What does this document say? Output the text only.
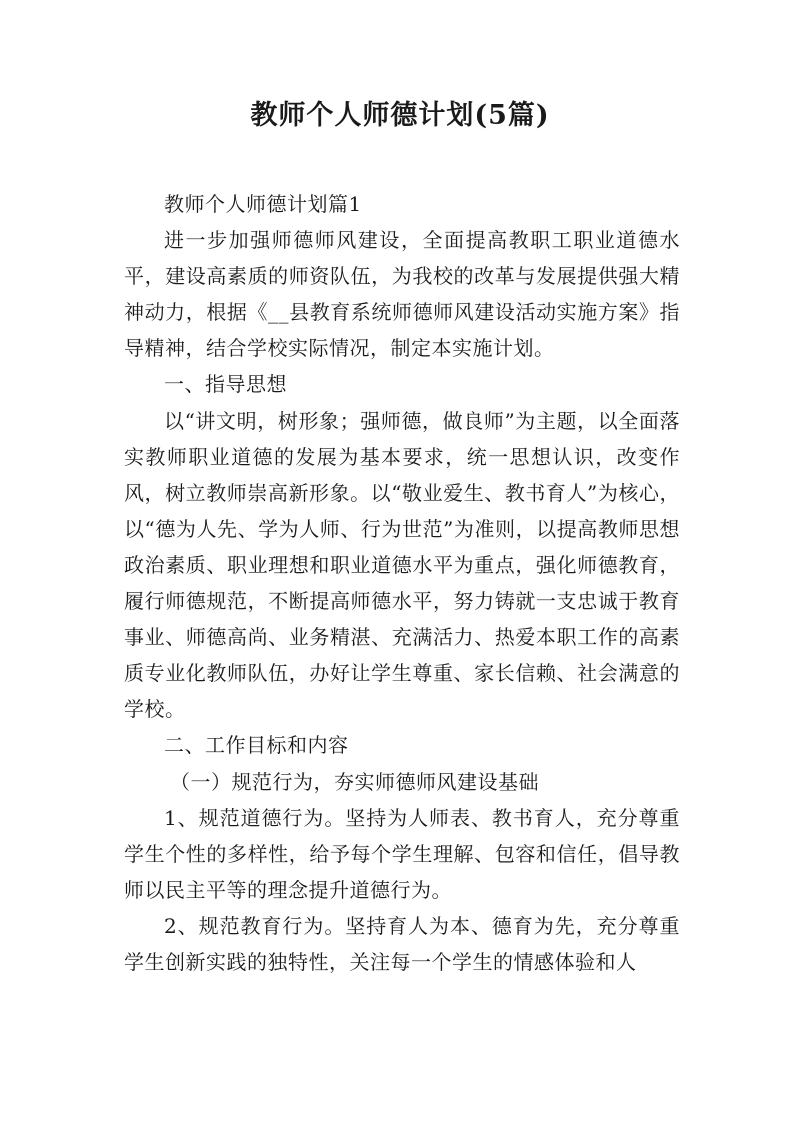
教师个人师德计划(5篇)

教师个人师德计划篇1

进一步加强师德师风建设，全面提高教职工职业道德水平，建设高素质的师资队伍，为我校的改革与发展提供强大精神动力，根据《__县教育系统师德师风建设活动实施方案》指导精神，结合学校实际情况，制定本实施计划。

一、指导思想

以“讲文明，树形象；强师德，做良师”为主题，以全面落实教师职业道德的发展为基本要求，统一思想认识，改变作风，树立教师崇高新形象。以“敬业爱生、教书育人”为核心，以“德为人先、学为人师、行为世范”为准则，以提高教师思想政治素质、职业理想和职业道德水平为重点，强化师德教育，履行师德规范，不断提高师德水平，努力铸就一支忠诚于教育事业、师德高尚、业务精湛、充满活力、热爱本职工作的高素质专业化教师队伍，办好让学生尊重、家长信赖、社会满意的学校。

二、工作目标和内容

（一）规范行为，夯实师德师风建设基础

1、规范道德行为。坚持为人师表、教书育人，充分尊重学生个性的多样性，给予每个学生理解、包容和信任，倡导教师以民主平等的理念提升道德行为。

2、规范教育行为。坚持育人为本、德育为先，充分尊重学生创新实践的独特性，关注每一个学生的情感体验和人
